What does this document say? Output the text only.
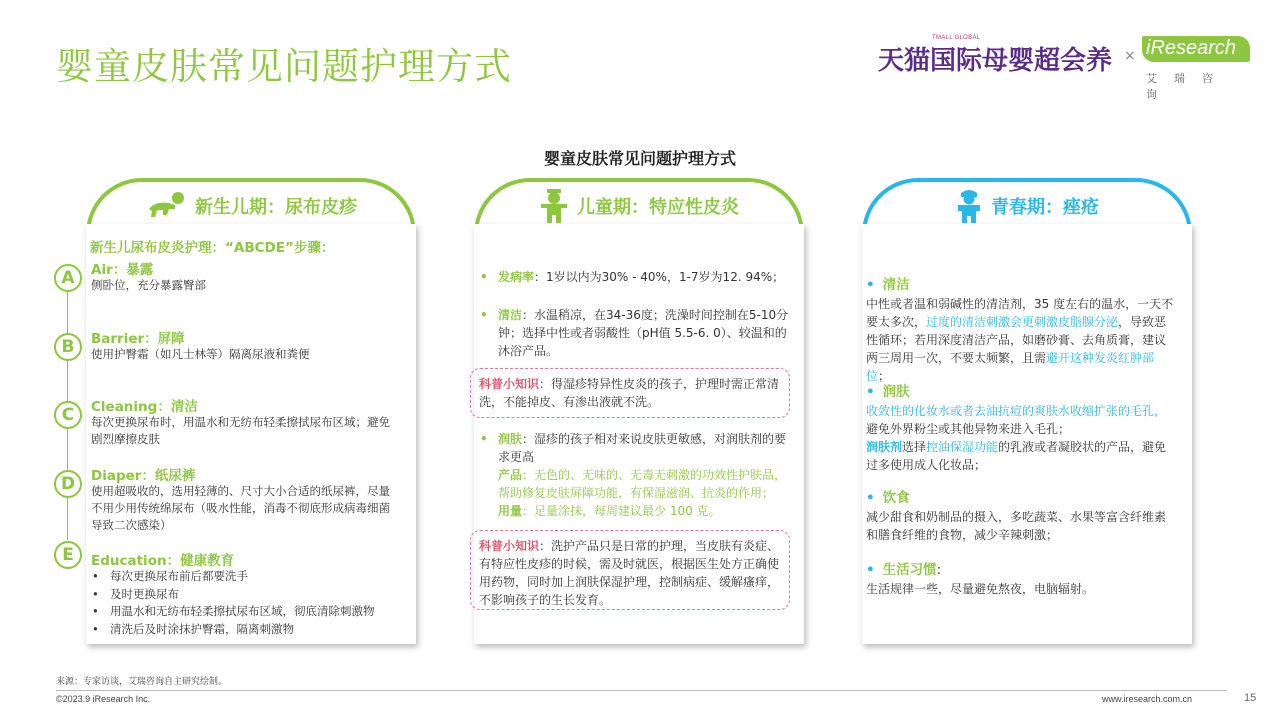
婴童皮肤常见问题护理方式
TMALL GLOBAL
天猫国际母婴超会养 × iResearch
艾瑞咨询
婴童皮肤常见问题护理方式
新生儿期：尿布皮疹
新生儿尿布皮炎护理：“ABCDE”步骤：
A	Air：暴露
侧卧位，充分暴露臀部
B	Barrier：屏障
使用护臀霜（如凡士林等）隔离尿液和粪便
C	Cleaning：清洁
每次更换尿布时，用温水和无纺布轻柔擦拭尿布区域；避免剧烈摩擦皮肤
D	Diaper：纸尿裤
使用超吸收的，选用轻薄的、尺寸大小合适的纸尿裤，尽量不用少用传统绵尿布（吸水性能，消毒不彻底形成病毒细菌导致二次感染）
E	Education：健康教育
• 每次更换尿布前后都要洗手
• 及时更换尿布
• 用温水和无纺布轻柔擦拭尿布区域，彻底清除刺激物
• 清洗后及时涂抹护臀霜，隔离刺激物
儿童期：特应性皮炎
• 发病率：1岁以内为30% - 40%，1-7岁为12. 94%；
• 清洁：水温稍凉，在34-36度；洗澡时间控制在5-10分钟；选择中性或者弱酸性（pH值 5.5-6. 0）、较温和的沐浴产品。
科普小知识：得湿疹特异性皮炎的孩子，护理时需正常清洗，不能掉皮、有渗出液就不洗。
• 润肤：湿疹的孩子相对来说皮肤更敏感，对润肤剂的要求更高
产品：无色的、无味的、无毒无刺激的功效性护肤品，帮助修复皮肤屏障功能，有保湿滋润、抗炎的作用；
用量：足量涂抹，每周建议最少 100 克。
科普小知识：洗护产品只是日常的护理，当皮肤有炎症、有特应性皮疹的时候，需及时就医，根据医生处方正确使用药物，同时加上润肤保湿护理，控制病症、缓解瘙痒，不影响孩子的生长发育。
青春期：痤疮
• 清洁
中性或者温和弱碱性的清洁剂，35 度左右的温水，一天不要太多次，过度的清洁刺激会更刺激皮脂腺分泌，导致恶性循环；若用深度清洁产品，如磨砂膏、去角质膏，建议两三周用一次，不要太频繁，且需避开这种发炎红肿部位；
• 润肤
收敛性的化妆水或者去油抗痘的爽肤水收缩扩张的毛孔，避免外界粉尘或其他异物来进入毛孔；
润肤剂选择控油保湿功能的乳液或者凝胶状的产品，避免过多使用成人化妆品；
• 饮食
减少甜食和奶制品的摄入，多吃蔬菜、水果等富含纤维素和膳食纤维的食物，减少辛辣刺激；
• 生活习惯:
生活规律一些，尽量避免熬夜，电脑辐射。
来源：专家访谈，艾瑞咨询自主研究绘制。
©2023.9 iResearch Inc.	www.iresearch.com.cn	15
